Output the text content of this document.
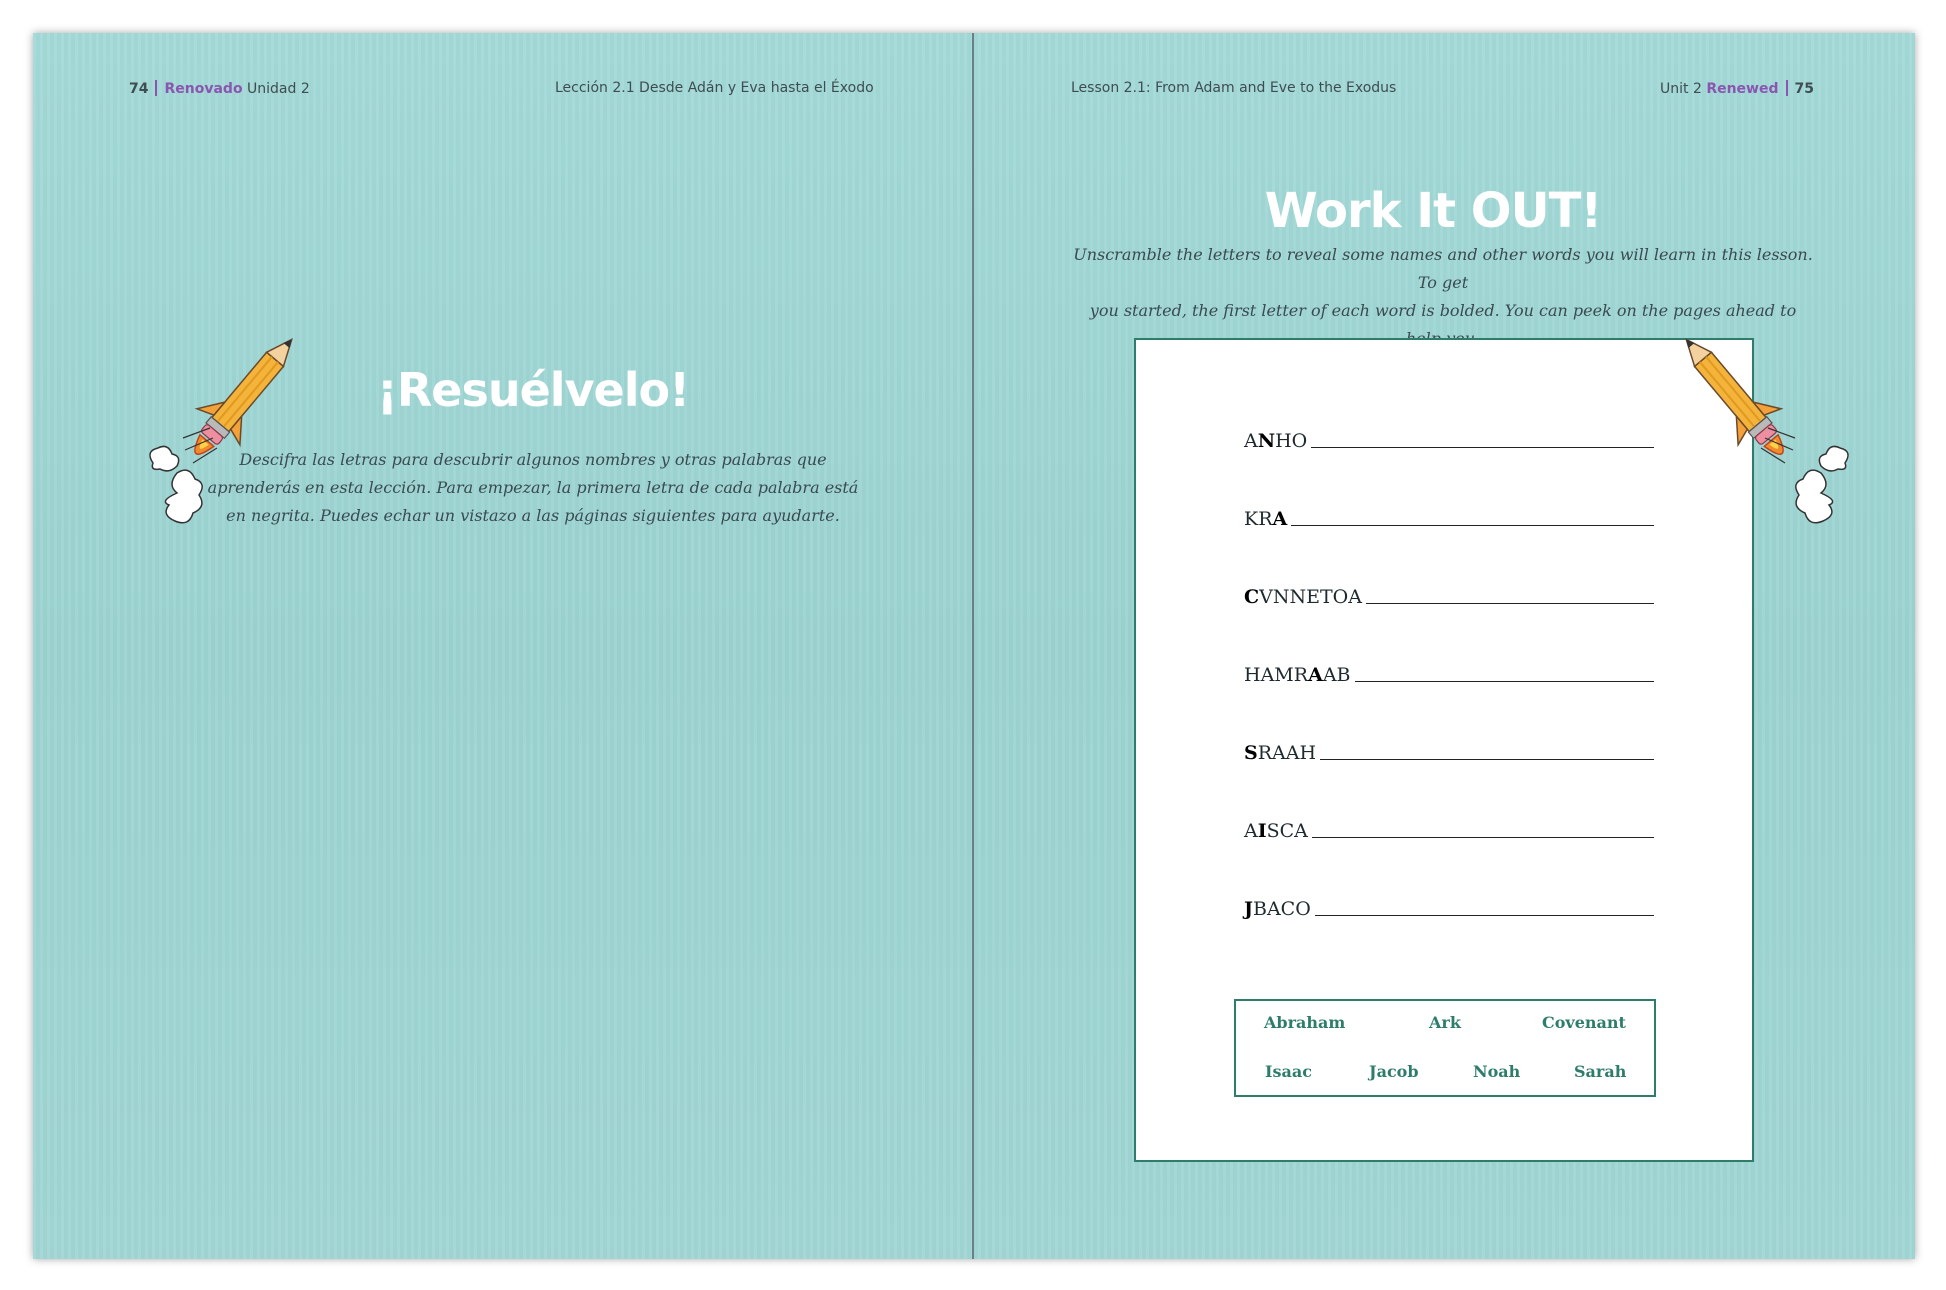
74 Renovado Unidad 2	Lección 2.1 Desde Adán y Eva hasta el Éxodo	Lesson 2.1: From Adam and Eve to the Exodus	Unit 2 Renewed 75
¡Resuélvelo!
Descifra las letras para descubrir algunos nombres y otras palabras que
aprenderás en esta lección. Para empezar, la primera letra de cada palabra está
en negrita. Puedes echar un vistazo a las páginas siguientes para ayudarte.
Work It OUT!
Unscramble the letters to reveal some names and other words you will learn in this lesson. To get
you started, the first letter of each word is bolded. You can peek on the pages ahead to
ANHO
KRA
CVNNETOA
HAMRAAB
SRAAH
AISCA
JBACO
Abraham	Ark	Covenant
Isaac	Jacob	Noah	Sarah
